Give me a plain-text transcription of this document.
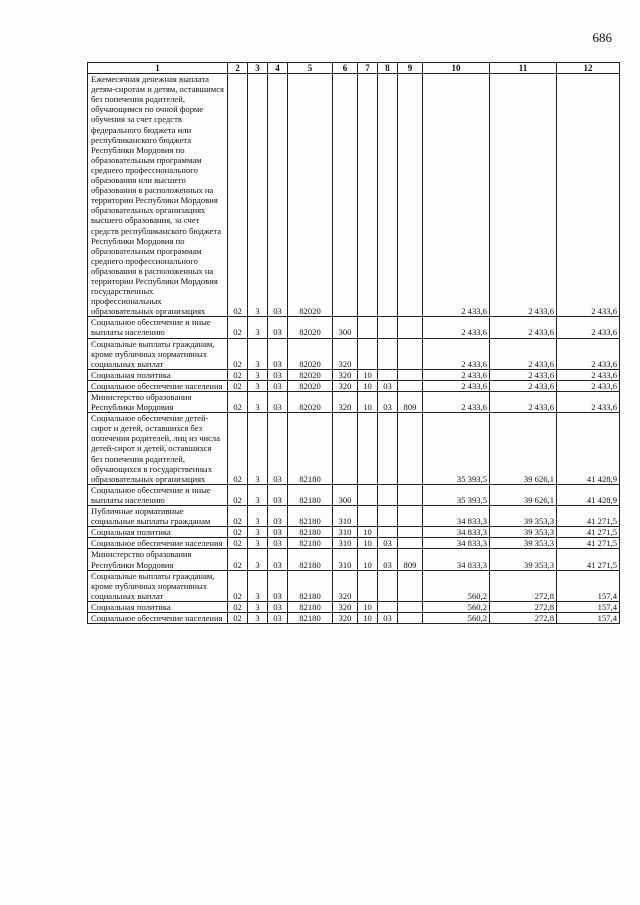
686
1	2	3	4	5	6	7	8	9	10	11	12
Ежемесячная денежная выплата детям-сиротам и детям, оставшимся без попечения родителей, обучающимся по очной форме обучения за счет средств федерального бюджета или республиканского бюджета Республики Мордовия по образовательным программам среднего профессионального образования или высшего образования в расположенных на территории Республики Мордовия образовательных организациях высшего образования, за счет средств республиканского бюджета Республики Мордовия по образовательным программам среднего профессионального образования в расположенных на территории Республики Мордовия государственных профессиональных образовательных организациях	02	3	03	82020					2 433,6	2 433,6	2 433,6
Социальное обеспечение и иные выплаты населению	02	3	03	82020	300				2 433,6	2 433,6	2 433,6
Социальные выплаты гражданам, кроме публичных нормативных социальных выплат	02	3	03	82020	320				2 433,6	2 433,6	2 433,6
Социальная политика	02	3	03	82020	320	10			2 433,6	2 433,6	2 433,6
Социальное обеспечение населения	02	3	03	82020	320	10	03		2 433,6	2 433,6	2 433,6
Министерство образования Республики Мордовия	02	3	03	82020	320	10	03	809	2 433,6	2 433,6	2 433,6
Социальное обеспечение детей-сирот и детей, оставшихся без попечения родителей, лиц из числа детей-сирот и детей, оставшихся без попечения родителей, обучающихся в государственных образовательных организациях	02	3	03	82180					35 393,5	39 626,1	41 428,9
Социальное обеспечение и иные выплаты населению	02	3	03	82180	300				35 393,5	39 626,1	41 428,9
Публичные нормативные социальные выплаты гражданам	02	3	03	82180	310				34 833,3	39 353,3	41 271,5
Социальная политика	02	3	03	82180	310	10			34 833,3	39 353,3	41 271,5
Социальное обеспечение населения	02	3	03	82180	310	10	03		34 833,3	39 353,3	41 271,5
Министерство образования Республики Мордовия	02	3	03	82180	310	10	03	809	34 833,3	39 353,3	41 271,5
Социальные выплаты гражданам, кроме публичных нормативных социальных выплат	02	3	03	82180	320				560,2	272,8	157,4
Социальная политика	02	3	03	82180	320	10			560,2	272,8	157,4
Социальное обеспечение населения	02	3	03	82180	320	10	03		560,2	272,8	157,4
